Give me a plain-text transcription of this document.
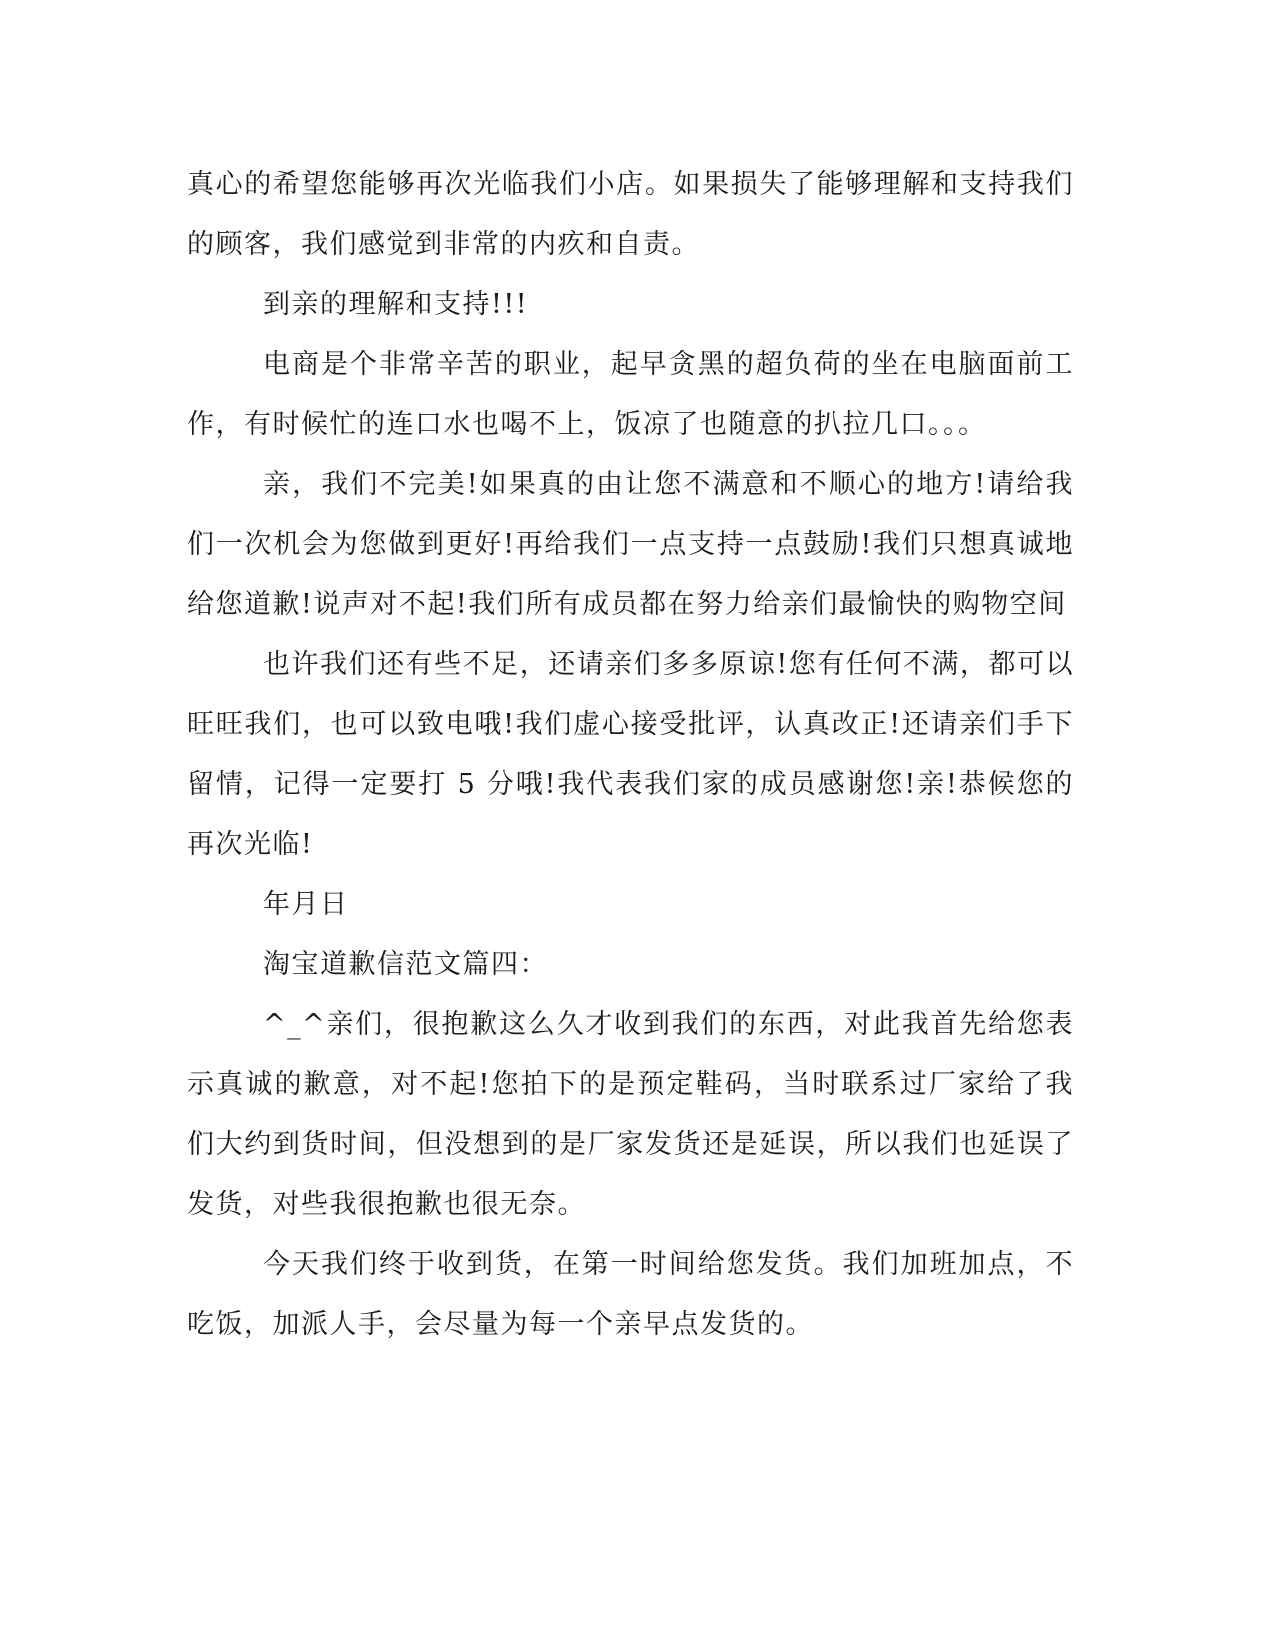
真心的希望您能够再次光临我们小店。如果损失了能够理解和支持我们的顾客，我们感觉到非常的内疚和自责。

到亲的理解和支持!!!

电商是个非常辛苦的职业，起早贪黑的超负荷的坐在电脑面前工作，有时候忙的连口水也喝不上，饭凉了也随意的扒拉几口。。。

亲，我们不完美!如果真的由让您不满意和不顺心的地方!请给我们一次机会为您做到更好!再给我们一点支持一点鼓励!我们只想真诚地给您道歉!说声对不起!我们所有成员都在努力给亲们最愉快的购物空间

也许我们还有些不足，还请亲们多多原谅!您有任何不满，都可以旺旺我们，也可以致电哦!我们虚心接受批评，认真改正!还请亲们手下留情，记得一定要打 5 分哦!我代表我们家的成员感谢您!亲!恭候您的再次光临!

年月日

淘宝道歉信范文篇四：

^_^亲们，很抱歉这么久才收到我们的东西，对此我首先给您表示真诚的歉意，对不起!您拍下的是预定鞋码，当时联系过厂家给了我们大约到货时间，但没想到的是厂家发货还是延误，所以我们也延误了发货，对些我很抱歉也很无奈。

今天我们终于收到货，在第一时间给您发货。我们加班加点，不吃饭，加派人手，会尽量为每一个亲早点发货的。
